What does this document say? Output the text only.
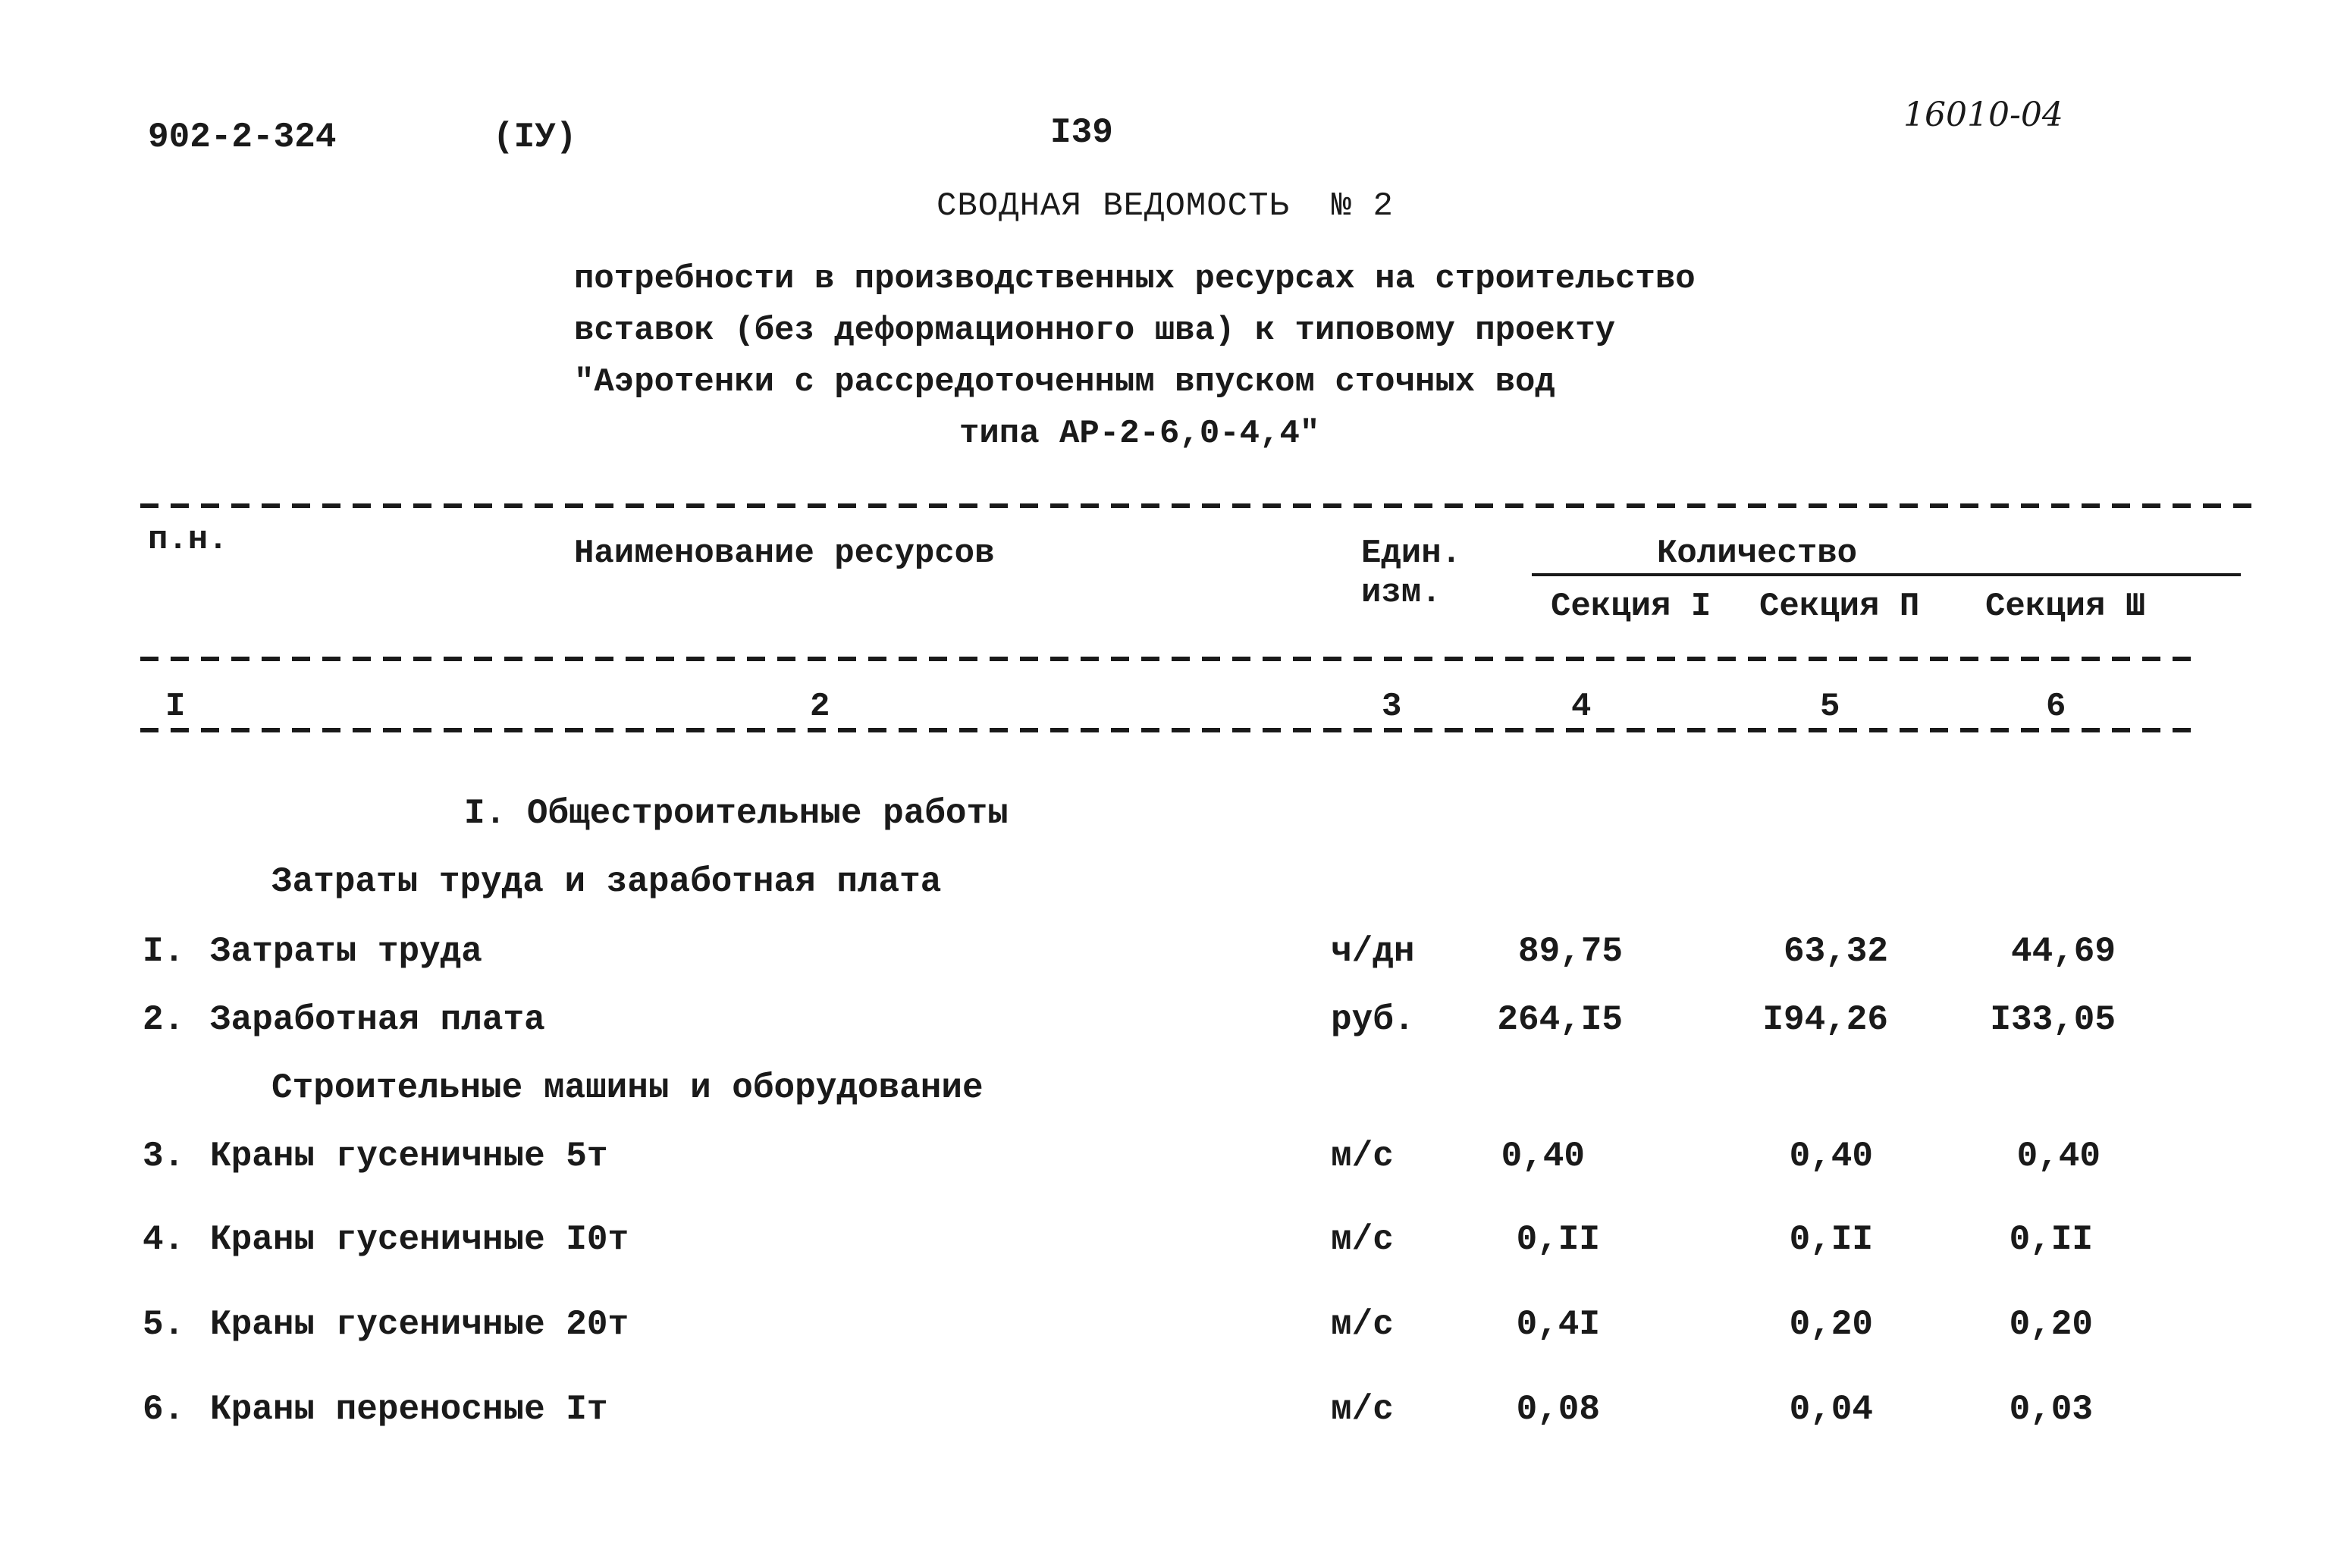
902-2-324	(IУ)	I39	16010-04
СВОДНАЯ ВЕДОМОСТЬ  № 2
потребности в производственных ресурсах на строительство
вставок (без деформационного шва) к типовому проекту
"Аэротенки с рассредоточенным впуском сточных вод
типа АР-2-6,0-4,4"
п.н.	Наименование ресурсов	Един.
изм.
Количество
Секция I Секция П Секция Ш
I	2	3	4	5	6
I. Общестроительные работы
Затраты труда и заработная плата
I. Затраты труда	ч/дн	89,75	63,32	44,69
2. Заработная плата	руб.	264,I5	I94,26	I33,05
Строительные машины и оборудование
3. Краны гусеничные 5т	м/с	0,40	0,40	0,40
4. Краны гусеничные I0т	м/с	0,II	0,II	0,II
5. Краны гусеничные 20т	м/с	0,4I	0,20	0,20
6. Краны переносные Iт	м/с	0,08	0,04	0,03
